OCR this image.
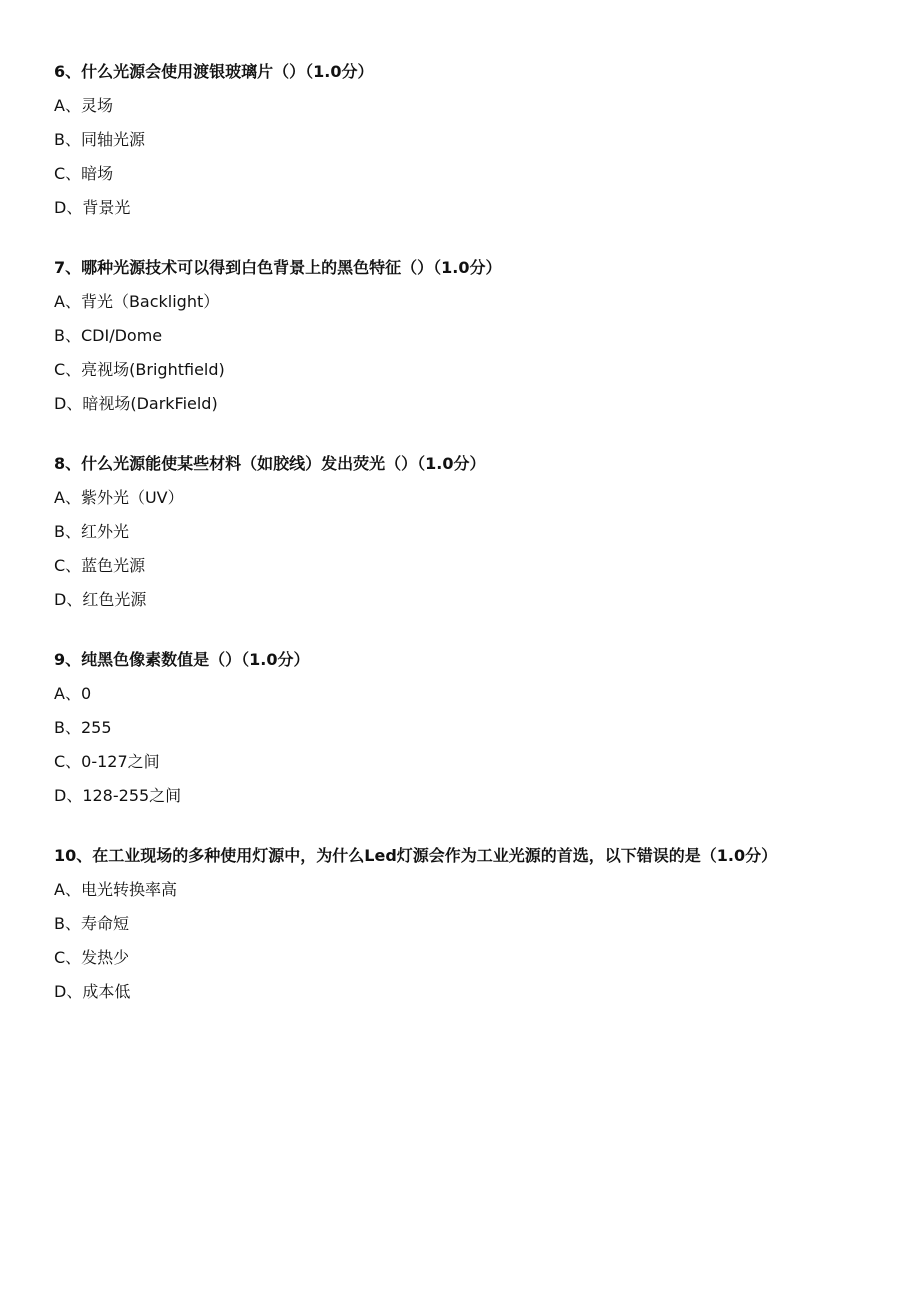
6、什么光源会使用渡银玻璃片（）（1.0分）
A、灵场
B、同轴光源
C、暗场
D、背景光
7、哪种光源技术可以得到白色背景上的黑色特征（）（1.0分）
A、背光（Backlight）
B、CDI/Dome
C、亮视场(Brightfield)
D、暗视场(DarkField)
8、什么光源能使某些材料（如胶线）发出荧光（）（1.0分）
A、紫外光（UV）
B、红外光
C、蓝色光源
D、红色光源
9、纯黑色像素数值是（）（1.0分）
A、0
B、255
C、0-127之间
D、128-255之间
10、在工业现场的多种使用灯源中，为什么Led灯源会作为工业光源的首选，以下错误的是（1.0分）
A、电光转换率高
B、寿命短
C、发热少
D、成本低
